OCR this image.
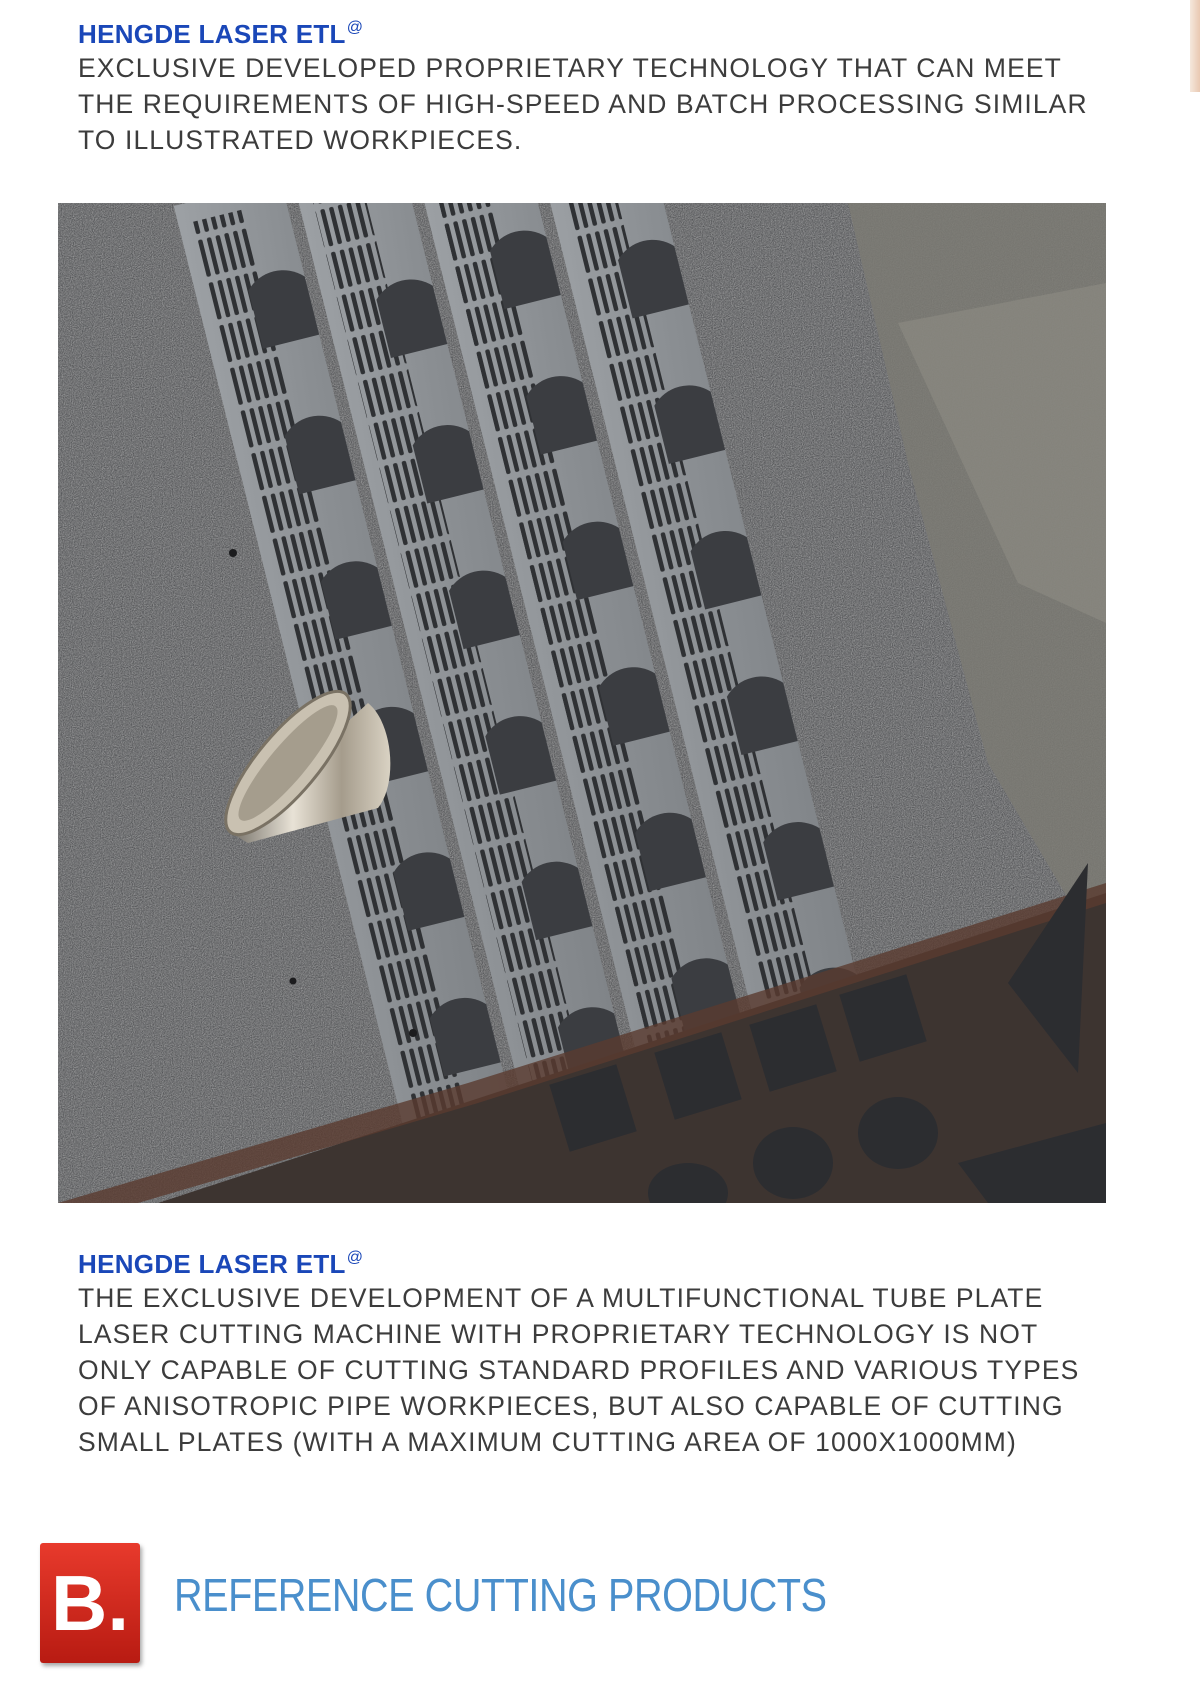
HENGDE LASER ETL@
EXCLUSIVE DEVELOPED PROPRIETARY TECHNOLOGY THAT CAN MEET
THE REQUIREMENTS OF HIGH-SPEED AND BATCH PROCESSING SIMILAR
TO ILLUSTRATED WORKPIECES.
HENGDE LASER ETL@
THE EXCLUSIVE DEVELOPMENT OF A MULTIFUNCTIONAL TUBE PLATE
LASER CUTTING MACHINE WITH PROPRIETARY TECHNOLOGY IS NOT
ONLY CAPABLE OF CUTTING STANDARD PROFILES AND VARIOUS TYPES
OF ANISOTROPIC PIPE WORKPIECES, BUT ALSO CAPABLE OF CUTTING
SMALL PLATES (WITH A MAXIMUM CUTTING AREA OF 1000X1000MM)
B. REFERENCE CUTTING PRODUCTS
